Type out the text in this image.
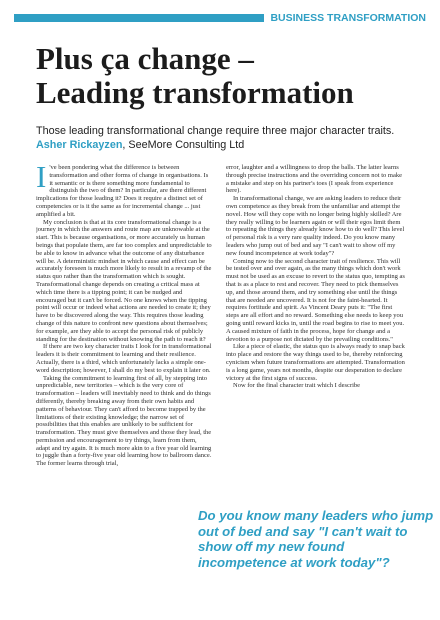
BUSINESS TRANSFORMATION
Plus ça change –
Leading transformation
Those leading transformational change require three major character traits.
Asher Rickayzen, SeeMore Consulting Ltd

I 've been pondering what the difference is between transformation and other forms of change in organisations. Is it semantic or is there something more fundamental to distinguish the two of them? In particular, are there different implications for those leading it? Does it require a distinct set of competencies or is it the same as for incremental change ... just amplified a bit.

My conclusion is that at its core transformational change is a journey in which the answers and route map are unknowable at the start. This is because organisations, or more accurately us human beings that populate them, are far too complex and unpredictable to be able to know in advance what the outcome of any disturbance will be. A deterministic mindset in which cause and effect can be accurately foreseen is much more likely to result in a revamp of the status quo rather than the transformation which is sought. Transformational change depends on creating a critical mass at which time there is a tipping point; it can be nudged and encouraged but it can't be forced. No one knows when the tipping point will occur or indeed what actions are needed to create it; they have to be discovered along the way. This requires those leading change of this nature to confront new questions about themselves; for example, are they able to accept the personal risk of publicly standing for the destination without knowing the path to reach it?

If there are two key character traits I look for in transformational leaders it is their commitment to learning and their resilience. Actually, there is a third, which unfortunately lacks a simple one-word description; however, I shall do my best to explain it later on.

Taking the commitment to learning first of all, by stepping into unpredictable, new territories – which is the very core of transformation – leaders will inevitably need to think and do things differently, thereby breaking away from their own habits and patterns of behaviour. They can't afford to become trapped by the limitations of their existing knowledge; the narrow set of possibilities that this enables are unlikely to be sufficient for transformation. They must give themselves and those they lead, the permission and encouragement to try things, learn from them, adapt and try again. It is much more akin to a five year old learning to juggle than a forty-five year old learning how to ballroom dance. The former learns through trial,

error, laughter and a willingness to drop the balls. The latter learns through precise instructions and the overriding concern not to make a mistake and step on his partner's toes (I speak from experience here).

In transformational change, we are asking leaders to reduce their own competence as they break from the unfamiliar and attempt the novel. How will they cope with no longer being highly skilled? Are they really willing to be learners again or will their egos limit them to repeating the things they already know how to do well? This level of personal risk is a very rare quality indeed. Do you know many leaders who jump out of bed and say "I can't wait to show off my new found incompetence at work today"?

Coming now to the second character trait of resilience. This will be tested over and over again, as the many things which don't work must not be used as an excuse to revert to the status quo, tempting as that is as a place to rest and recover. They need to pick themselves up, and those around them, and try something else until the things that are needed are uncovered. It is not for the faint-hearted. It requires fortitude and spirit. As Vincent Deary puts it: "The first steps are all effort and no reward. Something else needs to keep you going until reward kicks in, until the road begins to rise to meet you. A caused mixture of faith in the process, hope for change and a devotion to a purpose not dictated by the prevailing conditions."

Like a piece of elastic, the status quo is always ready to snap back into place and restore the way things used to be, thereby reinforcing cynicism when future transformations are attempted. Transformation is a long game, years not months, despite our desperation to declare victory at the first signs of success.

Now for the final character trait which I describe

Do you know many leaders who jump out of bed and say "I can't wait to show off my new found incompetence at work today"?
